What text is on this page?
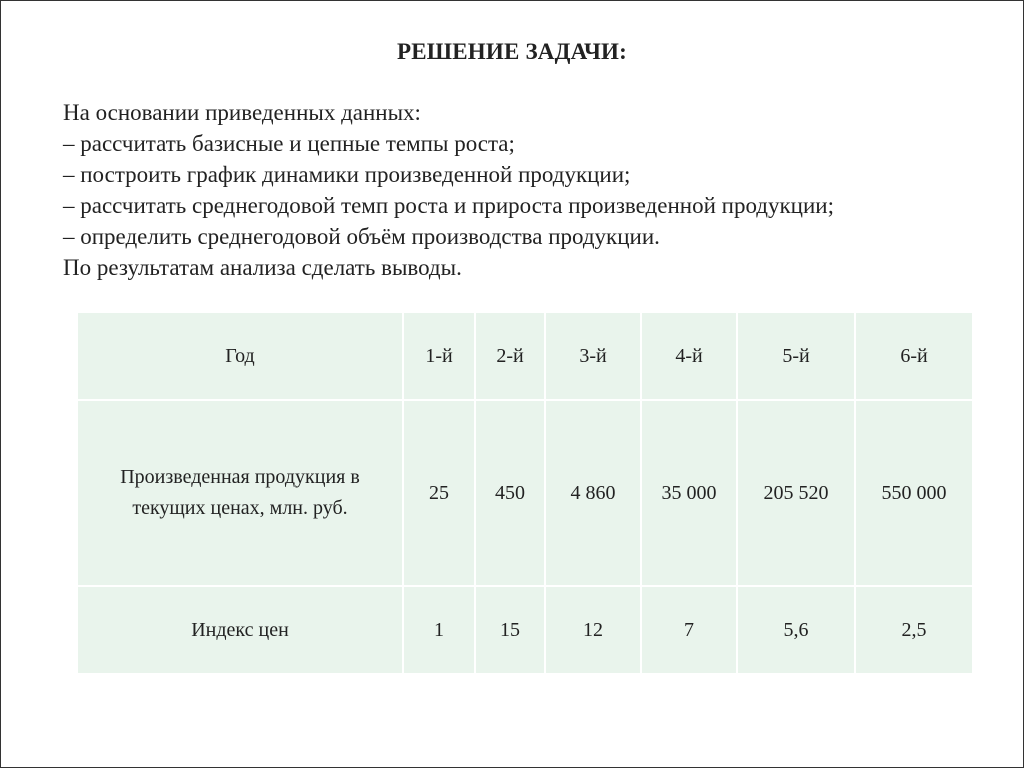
РЕШЕНИЕ ЗАДАЧИ:
На основании приведенных данных:
– рассчитать базисные и цепные темпы роста;
– построить график динамики произведенной продукции;
– рассчитать среднегодовой темп роста и прироста произведенной продукции;
– определить среднегодовой объём производства продукции.
По результатам анализа сделать выводы.
Год	1-й	2-й	3-й	4-й	5-й	6-й
Произведенная продукция в текущих ценах, млн. руб.	25	450	4 860	35 000	205 520	550 000
Индекс цен	1	15	12	7	5,6	2,5
